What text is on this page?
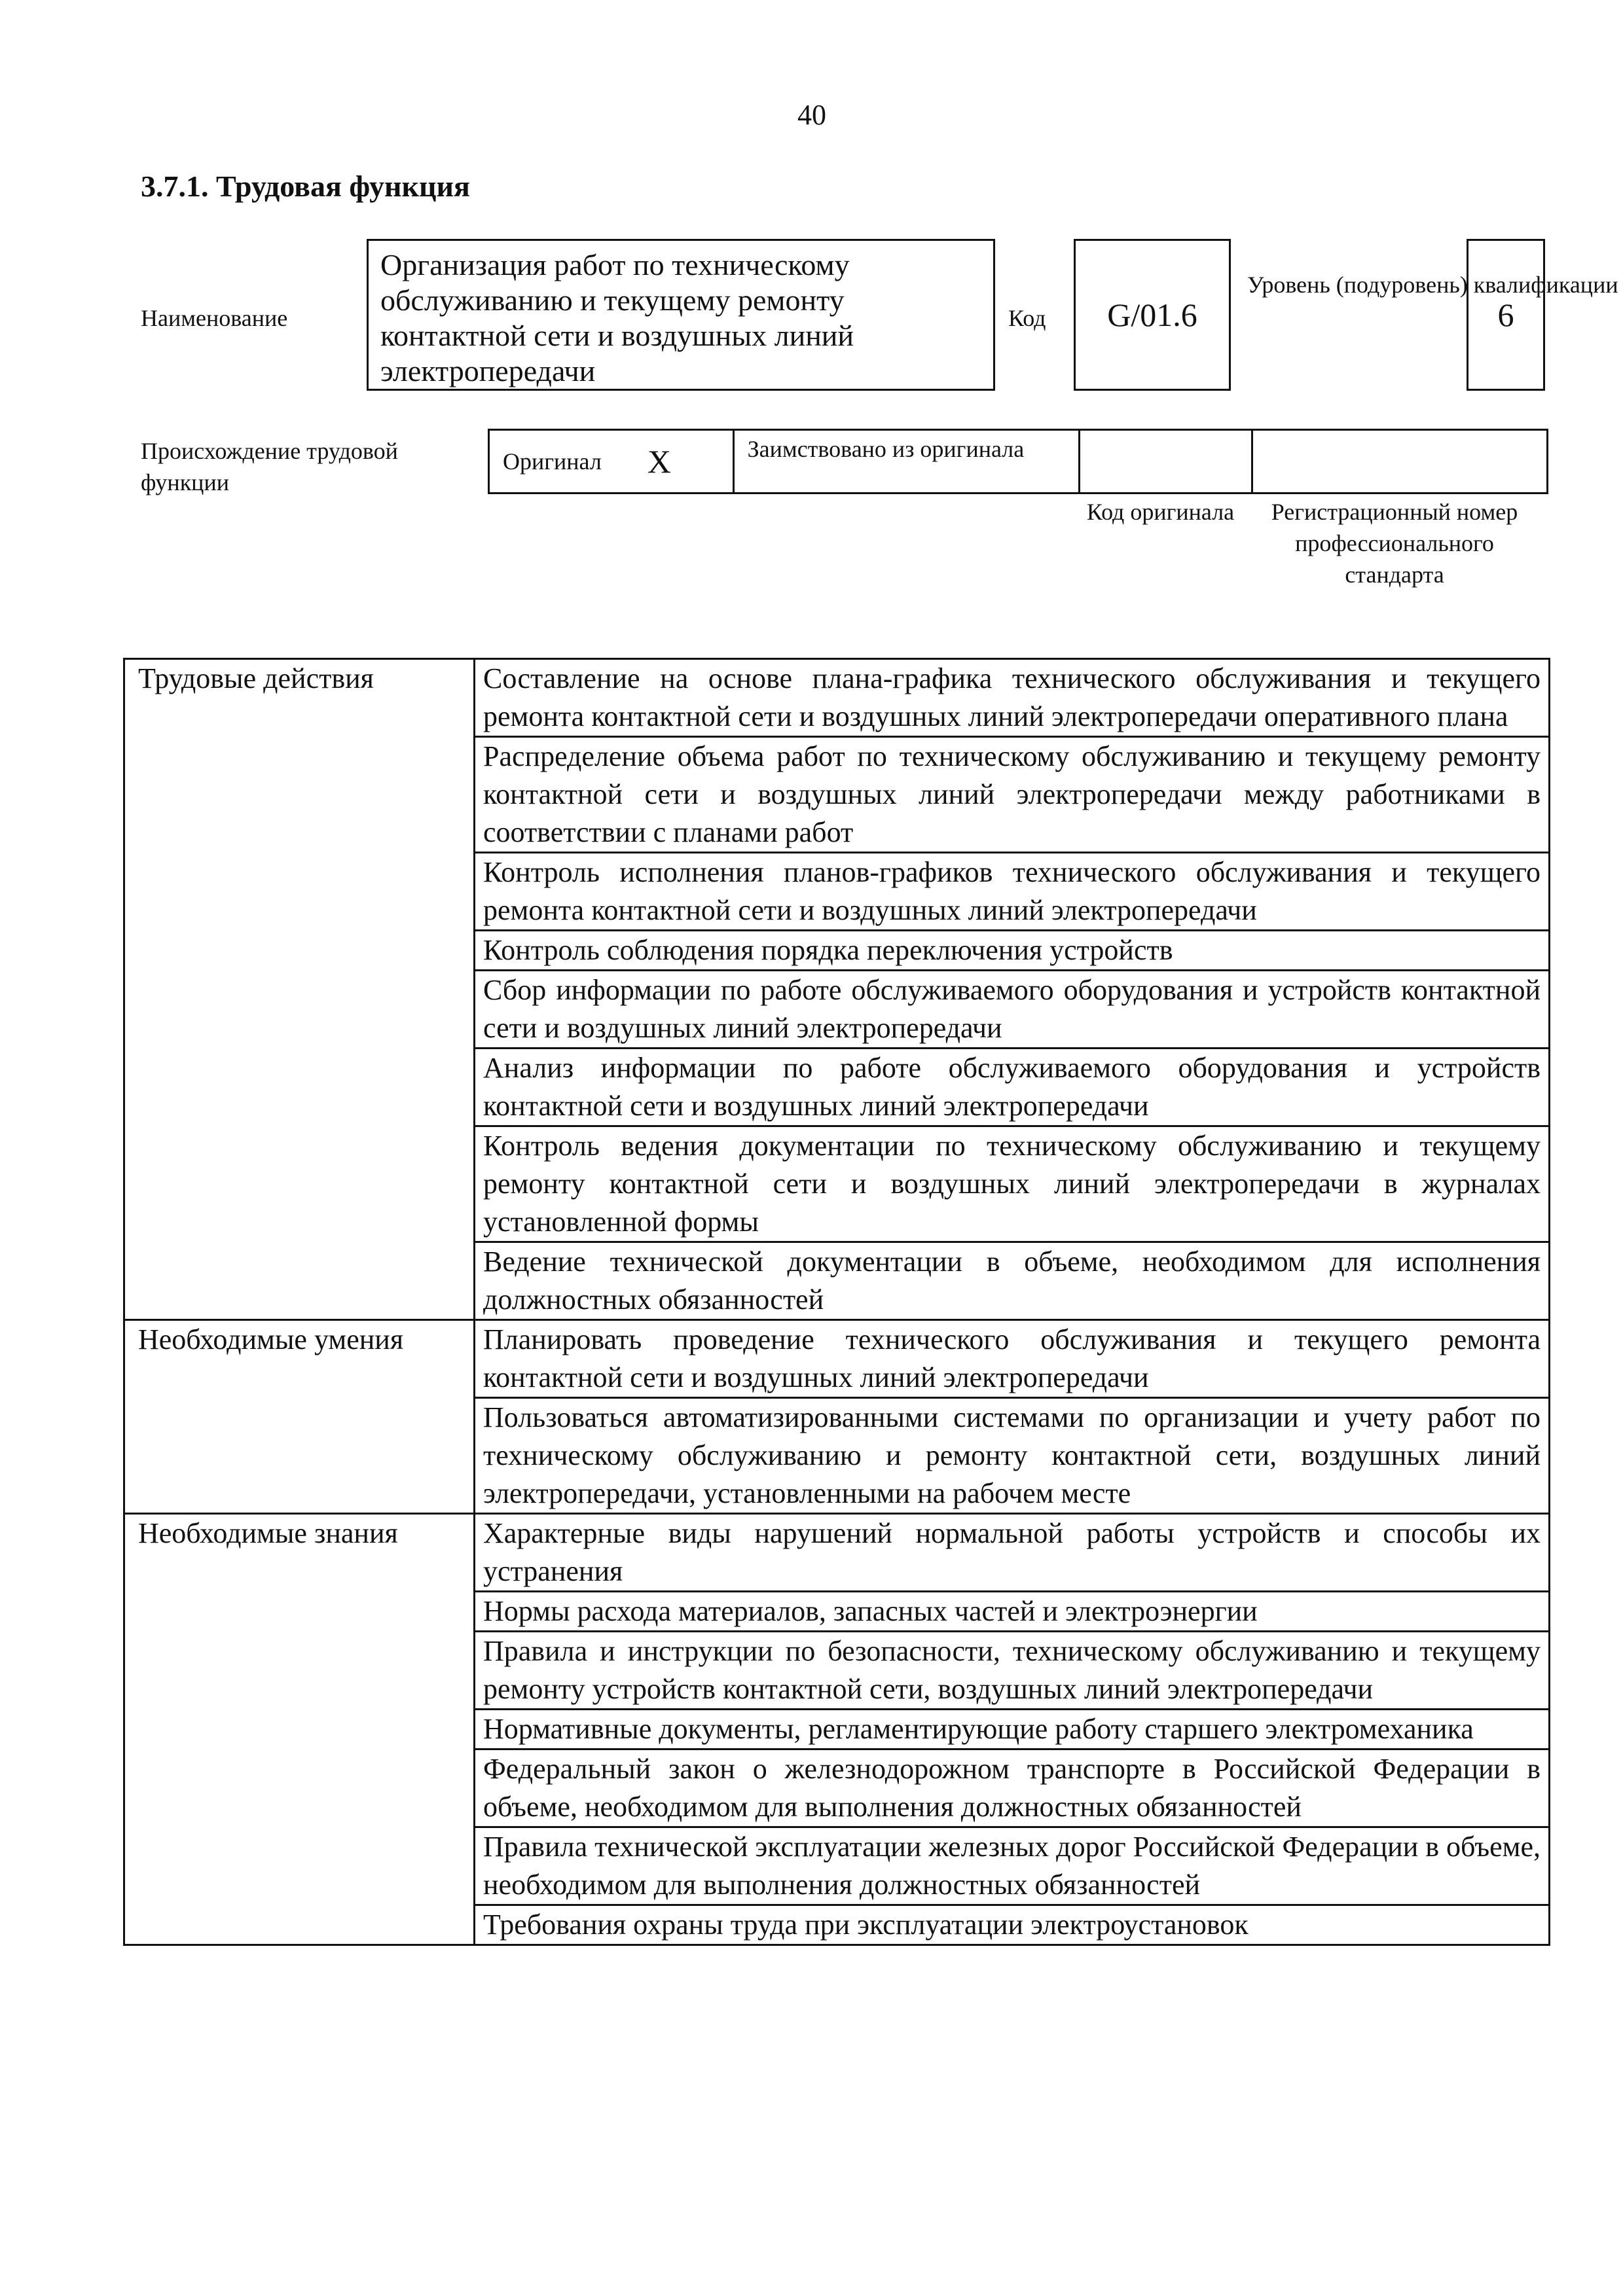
40
3.7.1. Трудовая функция
Наименование
Организация работ по техническому обслуживанию и текущему ремонту контактной сети и воздушных линий электропередачи
Код	G/01.6
Уровень (подуровень) квалификации
6
Происхождение трудовой функции
Оригинал X	Заимствовано из оригинала
Код оригинала	Регистрационный номер профессионального стандарта
Трудовые действия	Составление на основе плана-графика технического обслуживания и текущего ремонта контактной сети и воздушных линий электропередачи оперативного плана
	Распределение объема работ по техническому обслуживанию и текущему ремонту контактной сети и воздушных линий электропередачи между работниками в соответствии с планами работ
	Контроль исполнения планов-графиков технического обслуживания и текущего ремонта контактной сети и воздушных линий электропередачи
	Контроль соблюдения порядка переключения устройств
	Сбор информации по работе обслуживаемого оборудования и устройств контактной сети и воздушных линий электропередачи
	Анализ информации по работе обслуживаемого оборудования и устройств контактной сети и воздушных линий электропередачи
	Контроль ведения документации по техническому обслуживанию и текущему ремонту контактной сети и воздушных линий электропередачи в журналах установленной формы
	Ведение технической документации в объеме, необходимом для исполнения должностных обязанностей
Необходимые умения	Планировать проведение технического обслуживания и текущего ремонта контактной сети и воздушных линий электропередачи
	Пользоваться автоматизированными системами по организации и учету работ по техническому обслуживанию и ремонту контактной сети, воздушных линий электропередачи, установленными на рабочем месте
Необходимые знания	Характерные виды нарушений нормальной работы устройств и способы их устранения
	Нормы расхода материалов, запасных частей и электроэнергии
	Правила и инструкции по безопасности, техническому обслуживанию и текущему ремонту устройств контактной сети, воздушных линий электропередачи
	Нормативные документы, регламентирующие работу старшего электромеханика
	Федеральный закон о железнодорожном транспорте в Российской Федерации в объеме, необходимом для выполнения должностных обязанностей
	Правила технической эксплуатации железных дорог Российской Федерации в объеме, необходимом для выполнения должностных обязанностей
	Требования охраны труда при эксплуатации электроустановок
